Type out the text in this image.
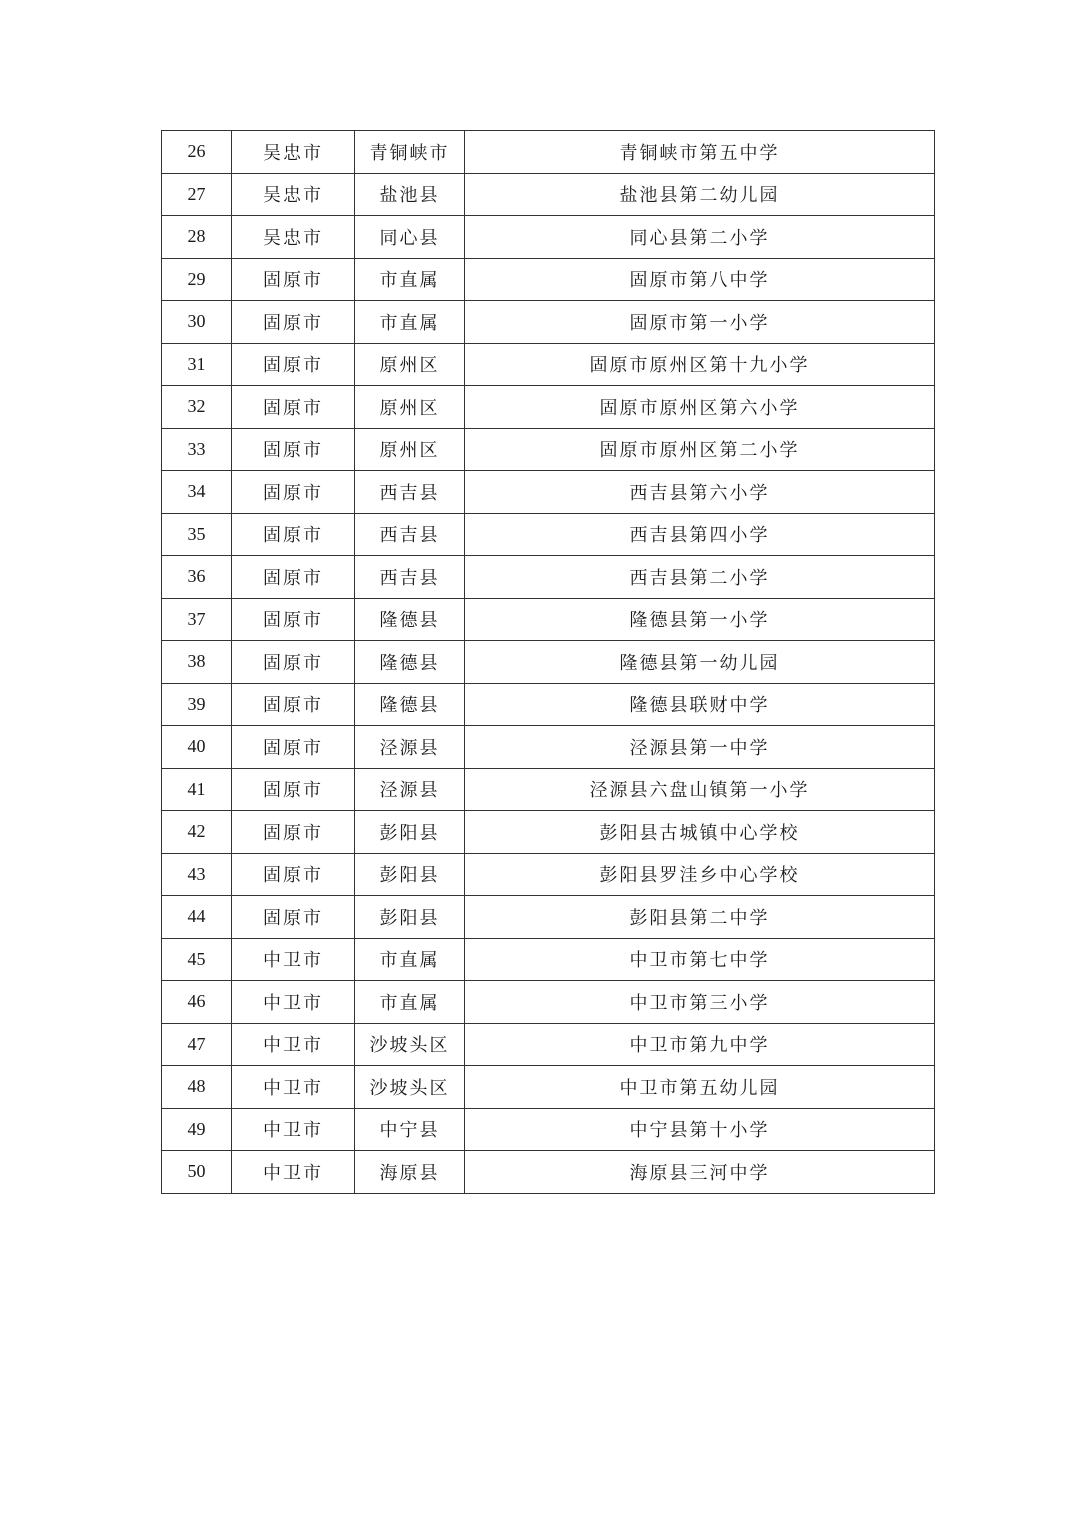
26	吴忠市	青铜峡市	青铜峡市第五中学
27	吴忠市	盐池县	盐池县第二幼儿园
28	吴忠市	同心县	同心县第二小学
29	固原市	市直属	固原市第八中学
30	固原市	市直属	固原市第一小学
31	固原市	原州区	固原市原州区第十九小学
32	固原市	原州区	固原市原州区第六小学
33	固原市	原州区	固原市原州区第二小学
34	固原市	西吉县	西吉县第六小学
35	固原市	西吉县	西吉县第四小学
36	固原市	西吉县	西吉县第二小学
37	固原市	隆德县	隆德县第一小学
38	固原市	隆德县	隆德县第一幼儿园
39	固原市	隆德县	隆德县联财中学
40	固原市	泾源县	泾源县第一中学
41	固原市	泾源县	泾源县六盘山镇第一小学
42	固原市	彭阳县	彭阳县古城镇中心学校
43	固原市	彭阳县	彭阳县罗洼乡中心学校
44	固原市	彭阳县	彭阳县第二中学
45	中卫市	市直属	中卫市第七中学
46	中卫市	市直属	中卫市第三小学
47	中卫市	沙坡头区	中卫市第九中学
48	中卫市	沙坡头区	中卫市第五幼儿园
49	中卫市	中宁县	中宁县第十小学
50	中卫市	海原县	海原县三河中学
